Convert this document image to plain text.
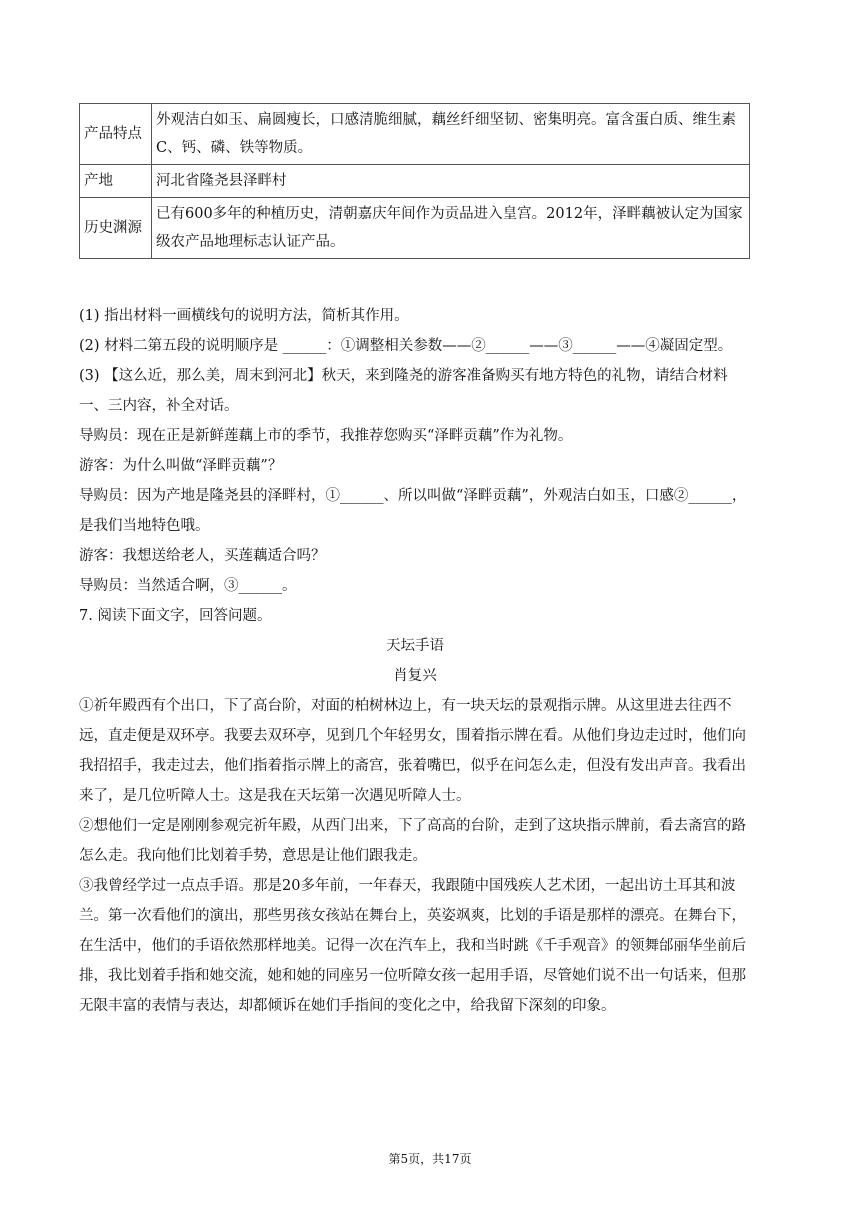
产品特点	外观洁白如玉、扁圆瘦长，口感清脆细腻，藕丝纤细坚韧、密集明亮。富含蛋白质、维生素C、钙、磷、铁等物质。
产地	河北省隆尧县泽畔村
历史渊源	已有600多年的种植历史，清朝嘉庆年间作为贡品进入皇宫。2012年，泽畔藕被认定为国家级农产品地理标志认证产品。

(1) 指出材料一画横线句的说明方法，简析其作用。

(2) 材料二第五段的说明顺序是 ______：①调整相关参数——②______——③______——④凝固定型。

(3) 【这么近，那么美，周末到河北】秋天，来到隆尧的游客准备购买有地方特色的礼物，请结合材料一、三内容，补全对话。

导购员：现在正是新鲜莲藕上市的季节，我推荐您购买“泽畔贡藕”作为礼物。

游客：为什么叫做“泽畔贡藕”？

导购员：因为产地是隆尧县的泽畔村，①______、所以叫做“泽畔贡藕”，外观洁白如玉，口感②______，是我们当地特色哦。

游客：我想送给老人，买莲藕适合吗？

导购员：当然适合啊，③______。

7. 阅读下面文字，回答问题。

天坛手语

肖复兴

①祈年殿西有个出口，下了高台阶，对面的柏树林边上，有一块天坛的景观指示牌。从这里进去往西不远，直走便是双环亭。我要去双环亭，见到几个年轻男女，围着指示牌在看。从他们身边走过时，他们向我招招手，我走过去，他们指着指示牌上的斋宫，张着嘴巴，似乎在问怎么走，但没有发出声音。我看出来了，是几位听障人士。这是我在天坛第一次遇见听障人士。

②想他们一定是刚刚参观完祈年殿，从西门出来，下了高高的台阶，走到了这块指示牌前，看去斋宫的路怎么走。我向他们比划着手势，意思是让他们跟我走。

③我曾经学过一点点手语。那是20多年前，一年春天，我跟随中国残疾人艺术团，一起出访土耳其和波兰。第一次看他们的演出，那些男孩女孩站在舞台上，英姿飒爽，比划的手语是那样的漂亮。在舞台下，在生活中，他们的手语依然那样地美。记得一次在汽车上，我和当时跳《千手观音》的领舞邰丽华坐前后排，我比划着手指和她交流，她和她的同座另一位听障女孩一起用手语，尽管她们说不出一句话来，但那无限丰富的表情与表达，却都倾诉在她们手指间的变化之中，给我留下深刻的印象。

第5页，共17页
